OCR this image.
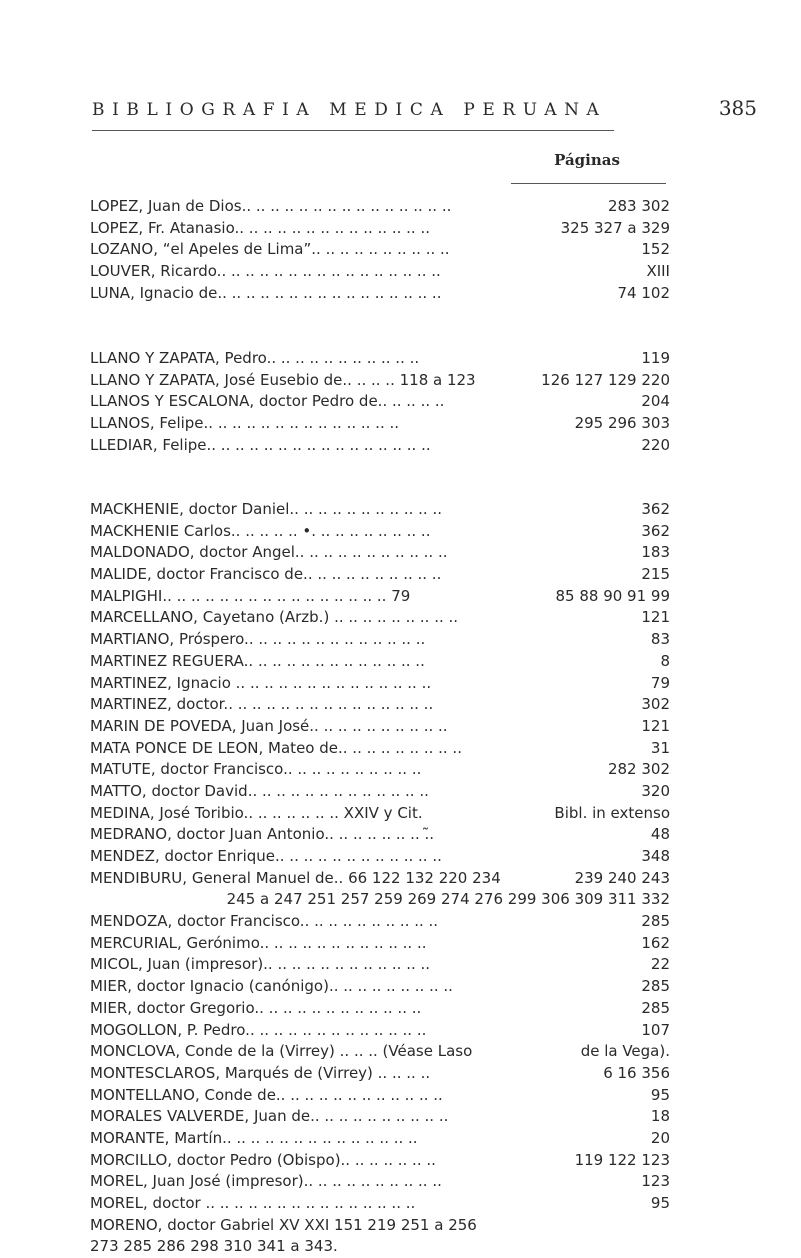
BIBLIOGRAFIA MEDICA PERUANA	385
Páginas
LOPEZ, Juan de Dios.. .. .. .. .. .. .. .. .. .. .. .. .. .. ..	283 302
LOPEZ, Fr. Atanasio.. .. .. .. .. .. .. .. .. .. .. .. .. ..	325 327 a 329
LOZANO, “el Apeles de Lima”.. .. .. .. .. .. .. .. .. ..	152
LOUVER, Ricardo.. .. .. .. .. .. .. .. .. .. .. .. .. .. .. ..	XIII
LUNA, Ignacio de.. .. .. .. .. .. .. .. .. .. .. .. .. .. .. ..	74 102
LLANO Y ZAPATA, Pedro.. .. .. .. .. .. .. .. .. .. ..	119
LLANO Y ZAPATA, José Eusebio de.. .. .. .. 118 a 123	126 127 129 220
LLANOS Y ESCALONA, doctor Pedro de.. .. .. .. ..	204
LLANOS, Felipe.. .. .. .. .. .. .. .. .. .. .. .. .. ..	295 296 303
LLEDIAR, Felipe.. .. .. .. .. .. .. .. .. .. .. .. .. .. .. ..	220
MACKHENIE, doctor Daniel.. .. .. .. .. .. .. .. .. .. ..	362
MACKHENIE Carlos.. .. .. .. .. •. .. .. .. .. .. .. .. ..	362
MALDONADO, doctor Angel.. .. .. .. .. .. .. .. .. .. ..	183
MALIDE, doctor Francisco de.. .. .. .. .. .. .. .. .. ..	215
MALPIGHI.. .. .. .. .. .. .. .. .. .. .. .. .. .. .. .. 79	85 88 90 91 99
MARCELLANO, Cayetano (Arzb.) .. .. .. .. .. .. .. .. ..	121
MARTIANO, Próspero.. .. .. .. .. .. .. .. .. .. .. .. ..	83
MARTINEZ REGUERA.. .. .. .. .. .. .. .. .. .. .. .. ..	8
MARTINEZ, Ignacio .. .. .. .. .. .. .. .. .. .. .. .. .. ..	79
MARTINEZ, doctor.. .. .. .. .. .. .. .. .. .. .. .. .. .. ..	302
MARIN DE POVEDA, Juan José.. .. .. .. .. .. .. .. .. ..	121
MATA PONCE DE LEON, Mateo de.. .. .. .. .. .. .. .. ..	31
MATUTE, doctor Francisco.. .. .. .. .. .. .. .. .. ..	282 302
MATTO, doctor David.. .. .. .. .. .. .. .. .. .. .. .. ..	320
MEDINA, José Toribio.. .. .. .. .. .. .. XXIV y Cit.	Bibl. in extenso
MEDRANO, doctor Juan Antonio.. .. .. .. .. .. .. .̃.	48
MENDEZ, doctor Enrique.. .. .. .. .. .. .. .. .. .. .. ..	348
MENDIBURU, General Manuel de.. 66 122 132 220 234	239 240 243
245 a 247 251 257 259 269 274 276 299 306 309 311 332
MENDOZA, doctor Francisco.. .. .. .. .. .. .. .. .. ..	285
MERCURIAL, Gerónimo.. .. .. .. .. .. .. .. .. .. .. ..	162
MICOL, Juan (impresor).. .. .. .. .. .. .. .. .. .. .. ..	22
MIER, doctor Ignacio (canónigo).. .. .. .. .. .. .. .. ..	285
MIER, doctor Gregorio.. .. .. .. .. .. .. .. .. .. .. ..	285
MOGOLLON, P. Pedro.. .. .. .. .. .. .. .. .. .. .. .. ..	107
MONCLOVA, Conde de la (Virrey) .. .. .. (Véase Laso	de la Vega).
MONTESCLAROS, Marqués de (Virrey) .. .. .. ..	6 16 356
MONTELLANO, Conde de.. .. .. .. .. .. .. .. .. .. .. ..	95
MORALES VALVERDE, Juan de.. .. .. .. .. .. .. .. .. ..	18
MORANTE, Martín.. .. .. .. .. .. .. .. .. .. .. .. .. ..	20
MORCILLO, doctor Pedro (Obispo).. .. .. .. .. .. ..	119 122 123
MOREL, Juan José (impresor).. .. .. .. .. .. .. .. .. ..	123
MOREL, doctor .. .. .. .. .. .. .. .. .. .. .. .. .. .. ..	95
MORENO, doctor Gabriel XV XXI 151 219 251 a 256
273 285 286 298 310 341 a 343.
